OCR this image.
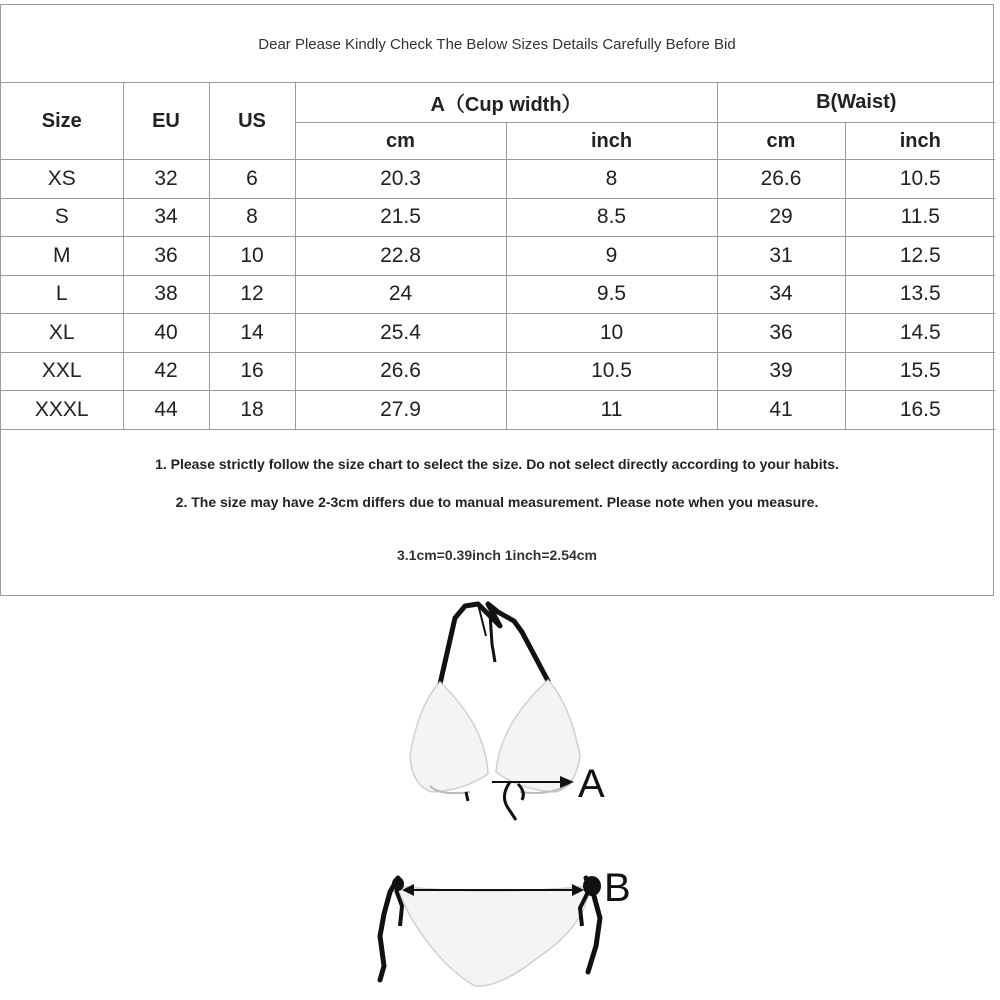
Dear Please Kindly Check The Below Sizes Details Carefully Before Bid
Size	EU	US	A（Cup width）		B(Waist)	
			cm	inch	cm	inch
XS	32	6	20.3	8	26.6	10.5
S	34	8	21.5	8.5	29	11.5
M	36	10	22.8	9	31	12.5
L	38	12	24	9.5	34	13.5
XL	40	14	25.4	10	36	14.5
XXL	42	16	26.6	10.5	39	15.5
XXXL	44	18	27.9	11	41	16.5

1. Please strictly follow the size chart to select the size. Do not select directly according to your habits.

2. The size may have 2-3cm differs due to manual measurement. Please note when you measure.

3.1cm=0.39inch 1inch=2.54cm

A
B
